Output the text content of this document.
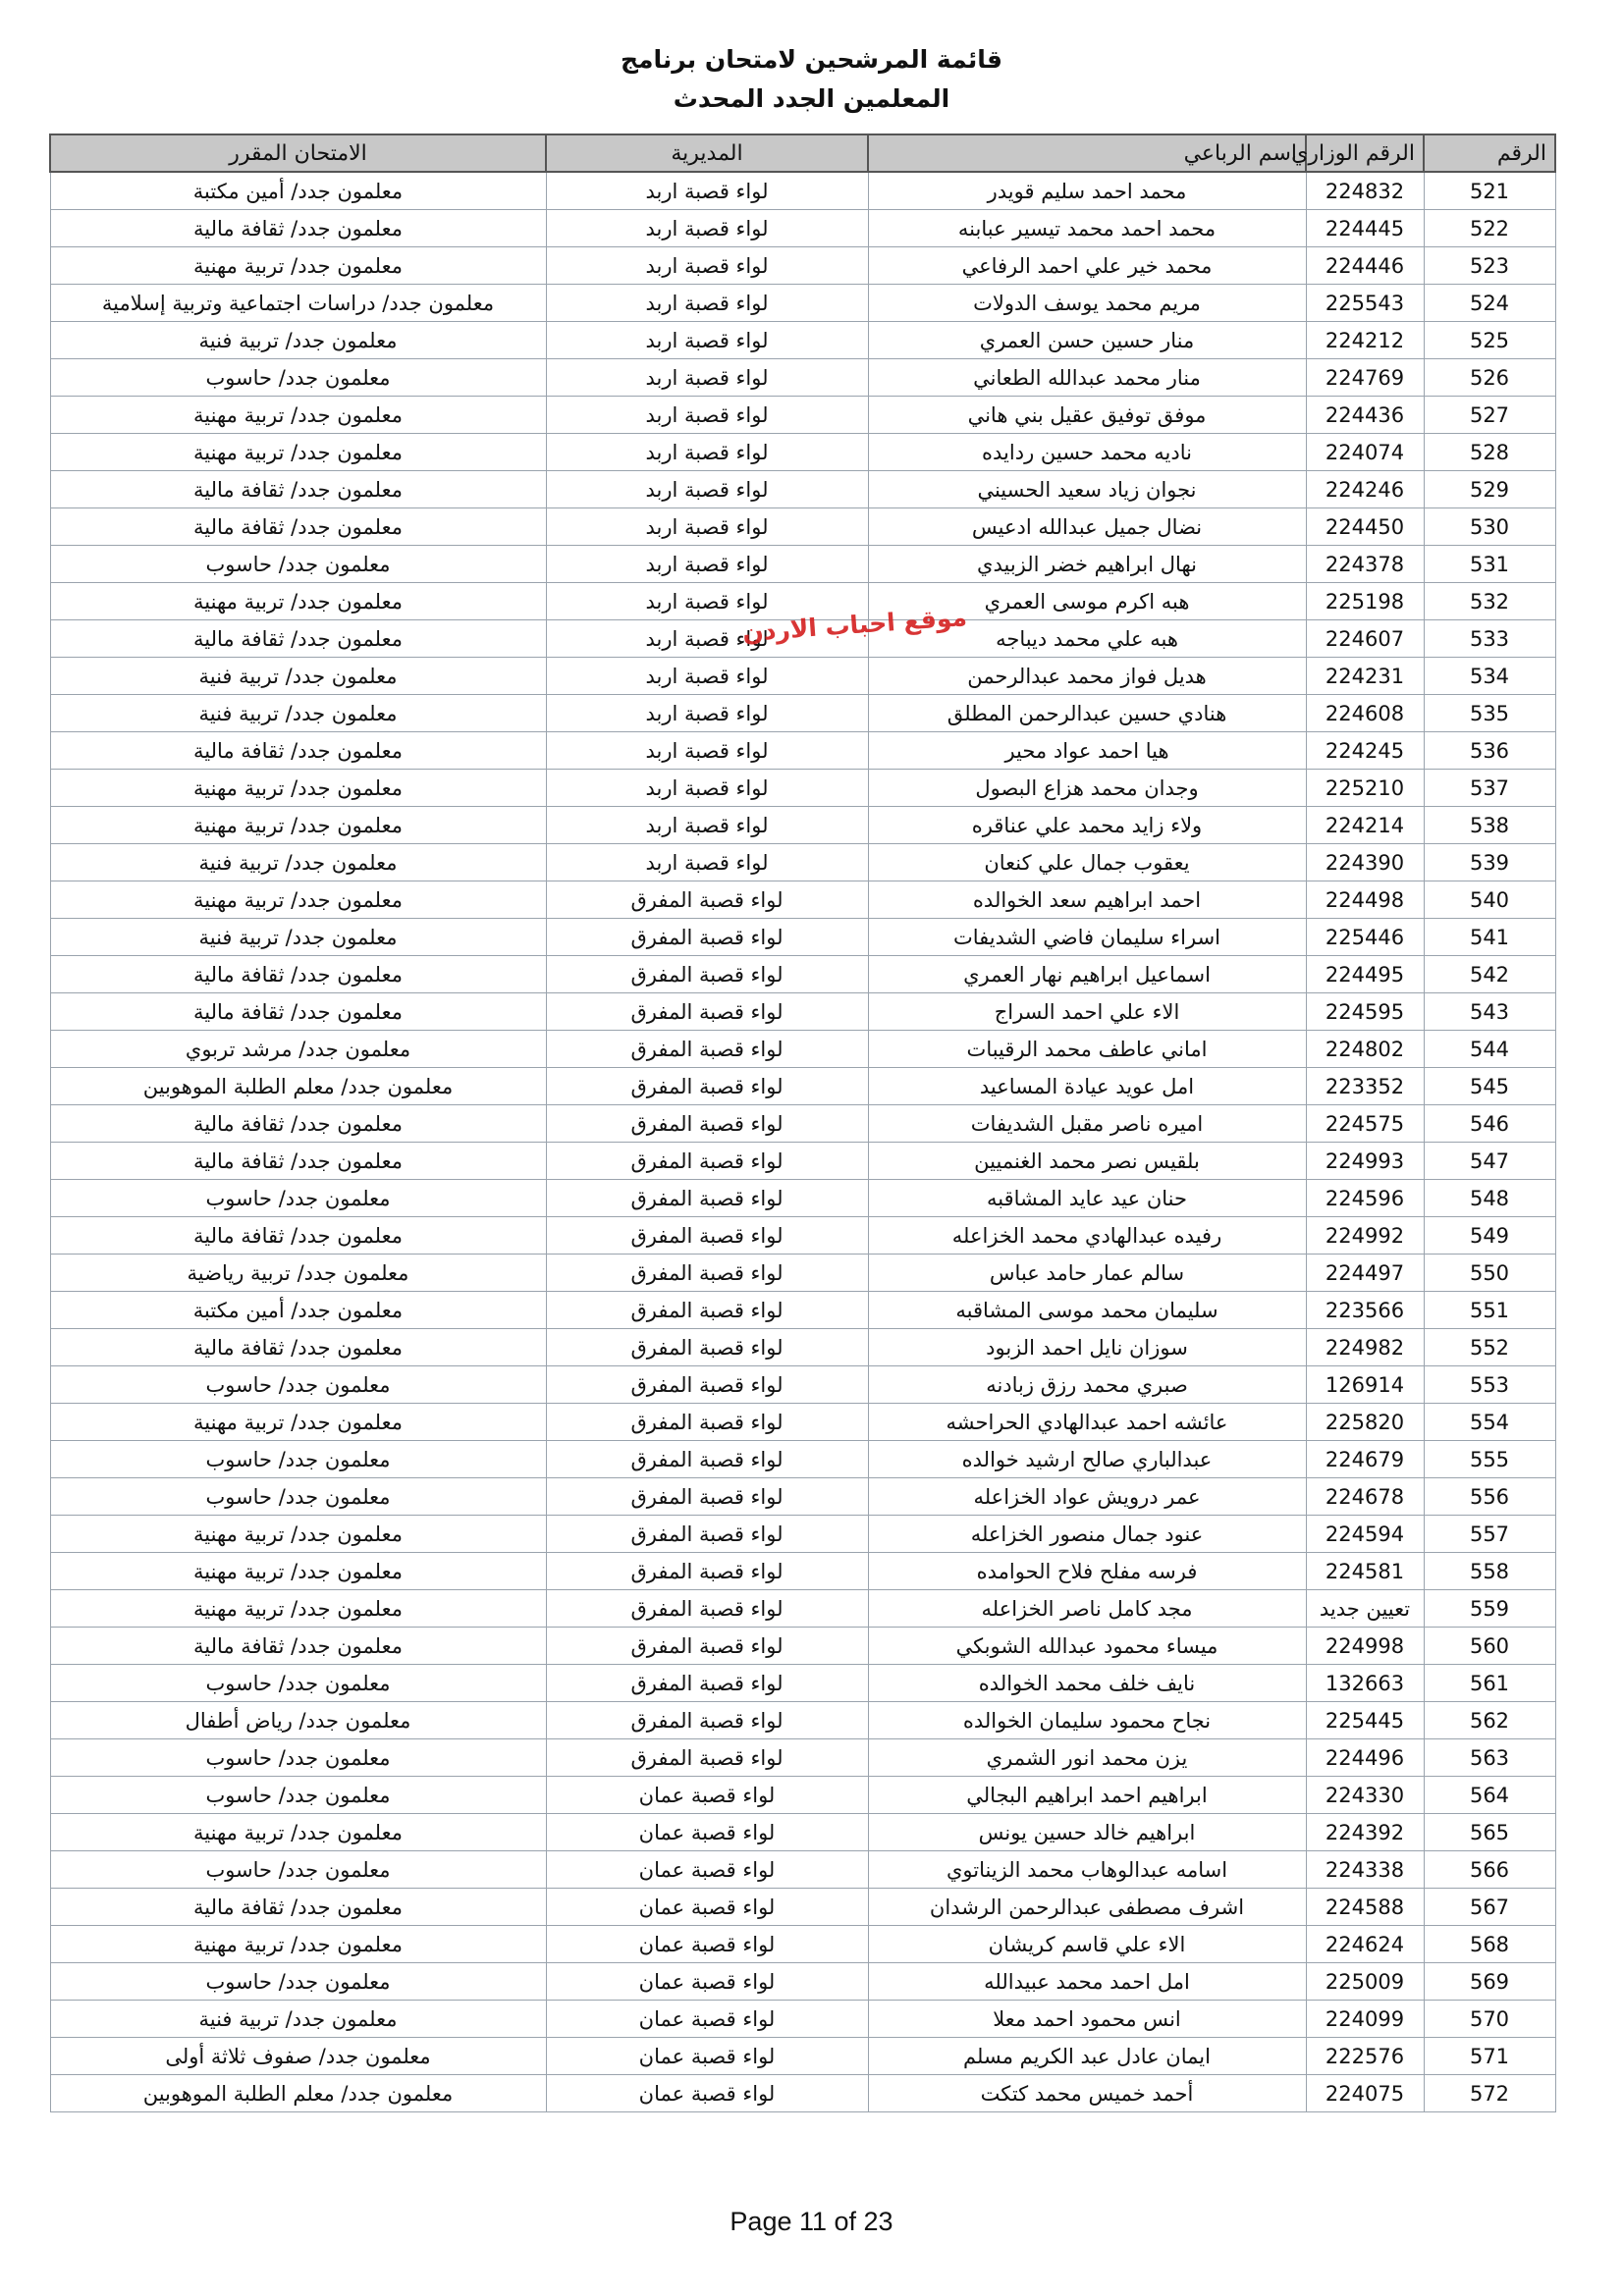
قائمة المرشحين لامتحان برنامج
المعلمين الجدد المحدث
الرقم	الرقم الوزاري	اسم الرباعي	المديرية	الامتحان المقرر
521	224832	محمد احمد سليم قويدر	لواء قصبة اربد	معلمون جدد/ أمين مكتبة
522	224445	محمد احمد محمد تيسير عبابنه	لواء قصبة اربد	معلمون جدد/ ثقافة مالية
523	224446	محمد خير علي احمد الرفاعي	لواء قصبة اربد	معلمون جدد/ تربية مهنية
524	225543	مريم محمد يوسف الدولات	لواء قصبة اربد	معلمون جدد/ دراسات اجتماعية وتربية إسلامية
525	224212	منار حسين حسن العمري	لواء قصبة اربد	معلمون جدد/ تربية فنية
526	224769	منار محمد عبدالله الطعاني	لواء قصبة اربد	معلمون جدد/ حاسوب
527	224436	موفق توفيق عقيل بني هاني	لواء قصبة اربد	معلمون جدد/ تربية مهنية
528	224074	ناديه محمد حسين ردايده	لواء قصبة اربد	معلمون جدد/ تربية مهنية
529	224246	نجوان زياد سعيد الحسيني	لواء قصبة اربد	معلمون جدد/ ثقافة مالية
530	224450	نضال جميل عبدالله ادعيس	لواء قصبة اربد	معلمون جدد/ ثقافة مالية
531	224378	نهال ابراهيم خضر الزبيدي	لواء قصبة اربد	معلمون جدد/ حاسوب
532	225198	هبه اكرم موسى العمري	لواء قصبة اربد	معلمون جدد/ تربية مهنية
533	224607	هبه علي محمد ديباجه	لواء قصبة اربد	معلمون جدد/ ثقافة مالية
534	224231	هديل فواز محمد عبدالرحمن	لواء قصبة اربد	معلمون جدد/ تربية فنية
535	224608	هنادي حسين عبدالرحمن المطلق	لواء قصبة اربد	معلمون جدد/ تربية فنية
536	224245	هيا احمد عواد محير	لواء قصبة اربد	معلمون جدد/ ثقافة مالية
537	225210	وجدان محمد هزاع البصول	لواء قصبة اربد	معلمون جدد/ تربية مهنية
538	224214	ولاء زايد محمد علي عناقره	لواء قصبة اربد	معلمون جدد/ تربية مهنية
539	224390	يعقوب جمال علي كنعان	لواء قصبة اربد	معلمون جدد/ تربية فنية
540	224498	احمد ابراهيم سعد الخوالده	لواء قصبة المفرق	معلمون جدد/ تربية مهنية
541	225446	اسراء سليمان فاضي الشديفات	لواء قصبة المفرق	معلمون جدد/ تربية فنية
542	224495	اسماعيل ابراهيم نهار العمري	لواء قصبة المفرق	معلمون جدد/ ثقافة مالية
543	224595	الاء علي احمد السراج	لواء قصبة المفرق	معلمون جدد/ ثقافة مالية
544	224802	اماني عاطف محمد الرقيبات	لواء قصبة المفرق	معلمون جدد/ مرشد تربوي
545	223352	امل عويد عيادة المساعيد	لواء قصبة المفرق	معلمون جدد/ معلم الطلبة الموهوبين
546	224575	اميره ناصر مقبل الشديفات	لواء قصبة المفرق	معلمون جدد/ ثقافة مالية
547	224993	بلقيس نصر محمد الغنميين	لواء قصبة المفرق	معلمون جدد/ ثقافة مالية
548	224596	حنان عيد عايد المشاقبه	لواء قصبة المفرق	معلمون جدد/ حاسوب
549	224992	رفيده عبدالهادي محمد الخزاعله	لواء قصبة المفرق	معلمون جدد/ ثقافة مالية
550	224497	سالم عمار حامد عباس	لواء قصبة المفرق	معلمون جدد/ تربية رياضية
551	223566	سليمان محمد موسى المشاقبه	لواء قصبة المفرق	معلمون جدد/ أمين مكتبة
552	224982	سوزان نايل احمد الزبود	لواء قصبة المفرق	معلمون جدد/ ثقافة مالية
553	126914	صبري محمد رزق زبادنه	لواء قصبة المفرق	معلمون جدد/ حاسوب
554	225820	عائشه احمد عبدالهادي الحراحشه	لواء قصبة المفرق	معلمون جدد/ تربية مهنية
555	224679	عبدالباري صالح ارشيد خوالده	لواء قصبة المفرق	معلمون جدد/ حاسوب
556	224678	عمر درويش عواد الخزاعله	لواء قصبة المفرق	معلمون جدد/ حاسوب
557	224594	عنود جمال منصور الخزاعله	لواء قصبة المفرق	معلمون جدد/ تربية مهنية
558	224581	فرسه مفلح فلاح الحوامده	لواء قصبة المفرق	معلمون جدد/ تربية مهنية
559	تعيين جديد	مجد كامل ناصر الخزاعله	لواء قصبة المفرق	معلمون جدد/ تربية مهنية
560	224998	ميساء محمود عبدالله الشوبكي	لواء قصبة المفرق	معلمون جدد/ ثقافة مالية
561	132663	نايف خلف محمد الخوالده	لواء قصبة المفرق	معلمون جدد/ حاسوب
562	225445	نجاح محمود سليمان الخوالده	لواء قصبة المفرق	معلمون جدد/ رياض أطفال
563	224496	يزن محمد انور الشمري	لواء قصبة المفرق	معلمون جدد/ حاسوب
564	224330	ابراهيم احمد ابراهيم البجالي	لواء قصبة عمان	معلمون جدد/ حاسوب
565	224392	ابراهيم خالد حسين يونس	لواء قصبة عمان	معلمون جدد/ تربية مهنية
566	224338	اسامه عبدالوهاب محمد الزيناتوي	لواء قصبة عمان	معلمون جدد/ حاسوب
567	224588	اشرف مصطفى عبدالرحمن الرشدان	لواء قصبة عمان	معلمون جدد/ ثقافة مالية
568	224624	الاء علي قاسم كريشان	لواء قصبة عمان	معلمون جدد/ تربية مهنية
569	225009	امل احمد محمد عبيدالله	لواء قصبة عمان	معلمون جدد/ حاسوب
570	224099	انس محمود احمد معلا	لواء قصبة عمان	معلمون جدد/ تربية فنية
571	222576	ايمان عادل عبد الكريم مسلم	لواء قصبة عمان	معلمون جدد/ صفوف ثلاثة أولى
572	224075	أحمد خميس محمد كتكت	لواء قصبة عمان	معلمون جدد/ معلم الطلبة الموهوبين
موقع احباب الاردن
Page 11 of 23
